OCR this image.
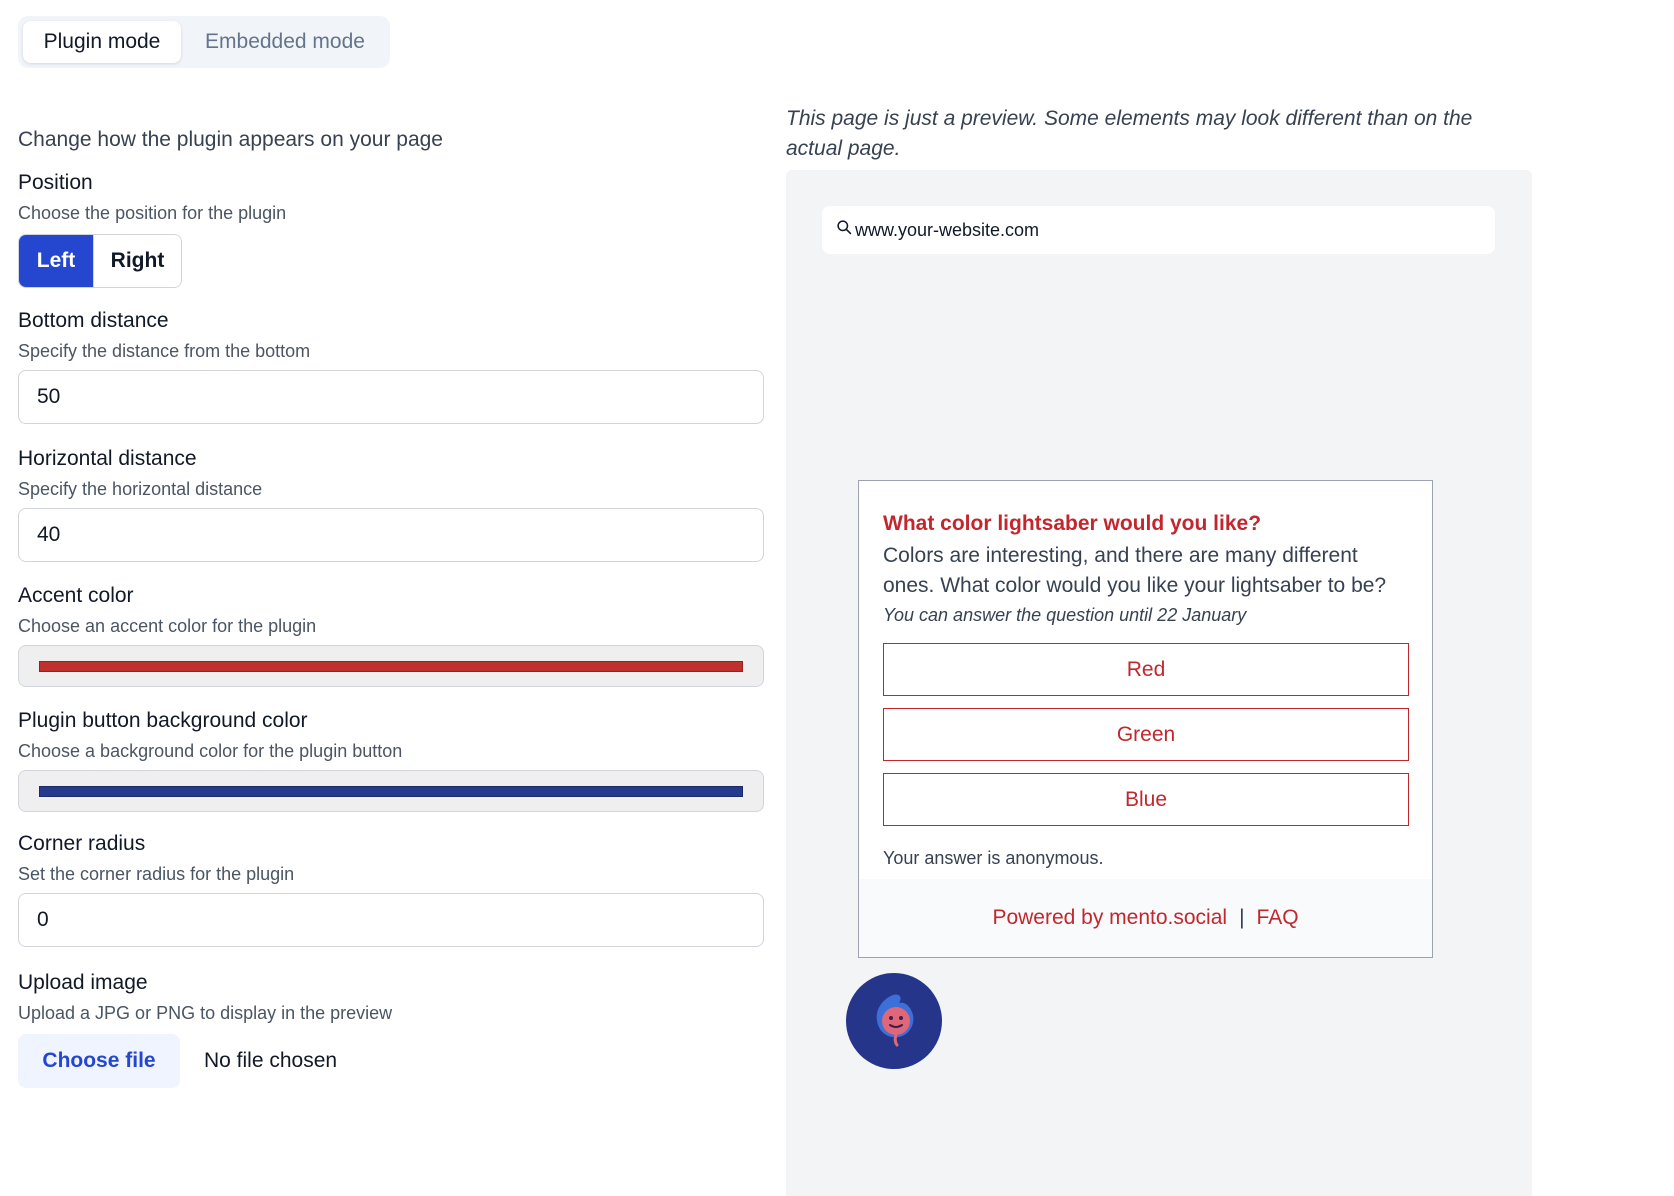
Plugin mode	Embedded mode
Change how the plugin appears on your page
Position
Choose the position for the plugin
Left	Right
Bottom distance
Specify the distance from the bottom
50
Horizontal distance
Specify the horizontal distance
40
Accent color
Choose an accent color for the plugin
Plugin button background color
Choose a background color for the plugin button
Corner radius
Set the corner radius for the plugin
0
Upload image
Upload a JPG or PNG to display in the preview
Choose file	No file chosen
This page is just a preview. Some elements may look different than on the actual page.
www.your-website.com
What color lightsaber would you like?
Colors are interesting, and there are many different ones. What color would you like your lightsaber to be?
You can answer the question until 22 January
Red
Green
Blue
Your answer is anonymous.
Powered by mento.social | FAQ
